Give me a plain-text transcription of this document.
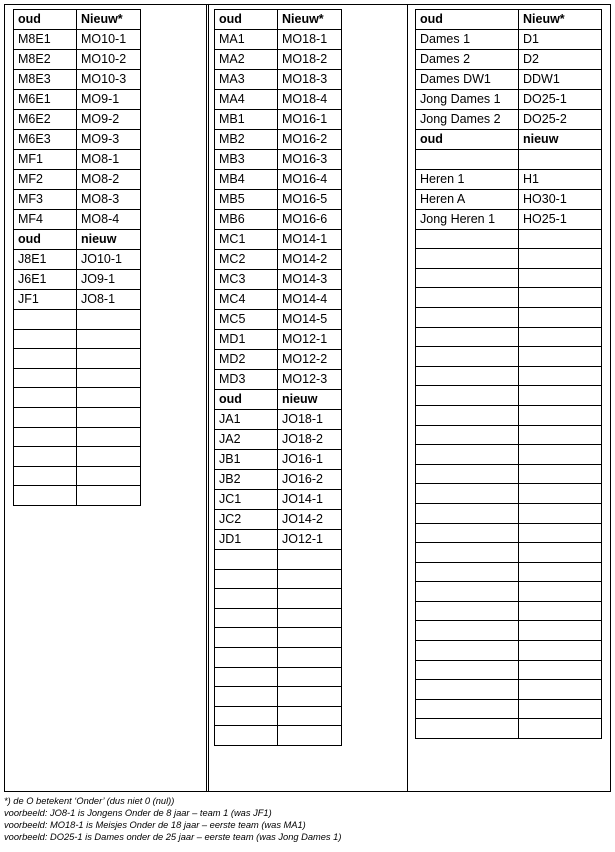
oud	Nieuw*
M8E1	MO10-1
M8E2	MO10-2
M8E3	MO10-3
M6E1	MO9-1
M6E2	MO9-2
M6E3	MO9-3
MF1	MO8-1
MF2	MO8-2
MF3	MO8-3
MF4	MO8-4
oud	nieuw
J8E1	JO10-1
J6E1	JO9-1
JF1	JO8-1

oud	Nieuw*
MA1	MO18-1
MA2	MO18-2
MA3	MO18-3
MA4	MO18-4
MB1	MO16-1
MB2	MO16-2
MB3	MO16-3
MB4	MO16-4
MB5	MO16-5
MB6	MO16-6
MC1	MO14-1
MC2	MO14-2
MC3	MO14-3
MC4	MO14-4
MC5	MO14-5
MD1	MO12-1
MD2	MO12-2
MD3	MO12-3
oud	nieuw
JA1	JO18-1
JA2	JO18-2
JB1	JO16-1
JB2	JO16-2
JC1	JO14-1
JC2	JO14-2
JD1	JO12-1

oud	Nieuw*
Dames 1	D1
Dames 2	D2
Dames DW1	DDW1
Jong Dames 1	DO25-1
Jong Dames 2	DO25-2
oud	nieuw

Heren 1	H1
Heren A	HO30-1
Jong Heren 1	HO25-1

*) de O betekent ‘Onder’ (dus niet 0 (nul))
voorbeeld: JO8-1 is Jongens Onder de 8 jaar – team 1 (was JF1)
voorbeeld: MO18-1 is Meisjes Onder de 18 jaar – eerste team (was MA1)
voorbeeld: DO25-1 is Dames onder de 25 jaar – eerste team (was Jong Dames 1)
